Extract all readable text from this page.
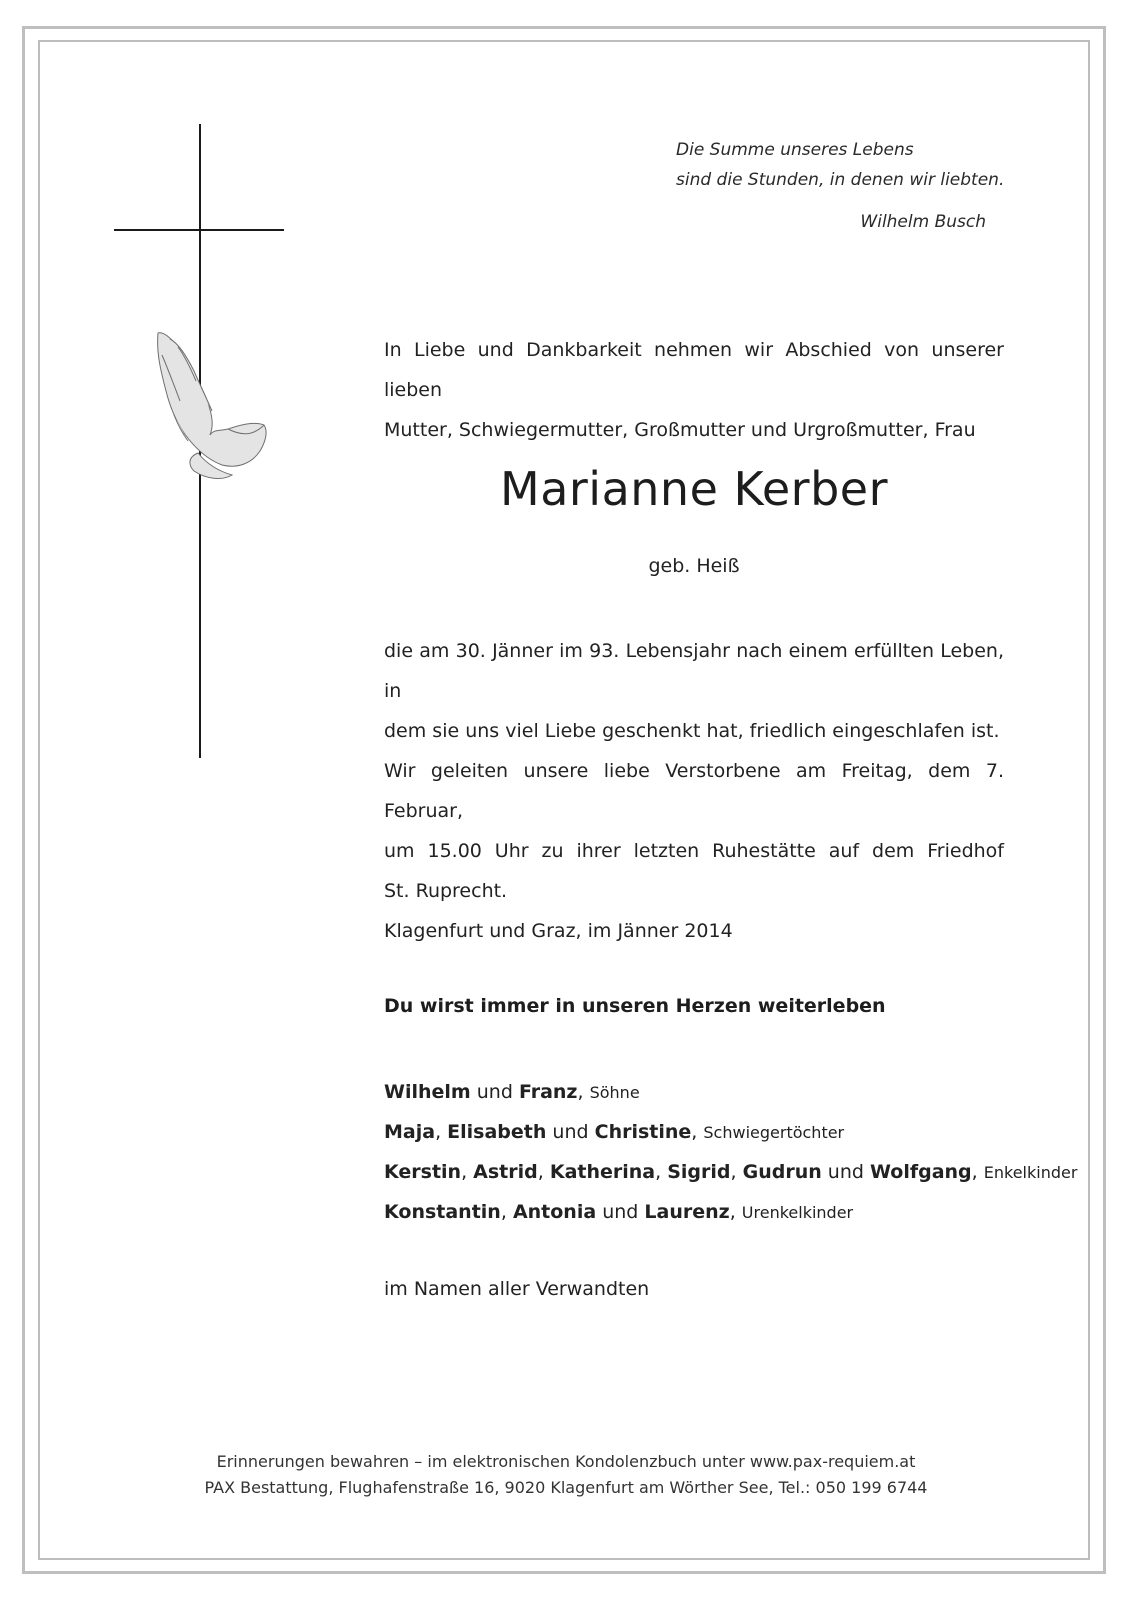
Die Summe unseres Lebens
sind die Stunden, in denen wir liebten.
Wilhelm Busch
In Liebe und Dankbarkeit nehmen wir Abschied von unserer lieben
Mutter, Schwiegermutter, Großmutter und Urgroßmutter, Frau
Marianne Kerber
geb. Heiß
die am 30. Jänner im 93. Lebensjahr nach einem erfüllten Leben, in
dem sie uns viel Liebe geschenkt hat, friedlich eingeschlafen ist.
Wir geleiten unsere liebe Verstorbene am Freitag, dem 7. Februar,
um 15.00 Uhr zu ihrer letzten Ruhestätte auf dem Friedhof
St. Ruprecht.
Klagenfurt und Graz, im Jänner 2014
Du wirst immer in unseren Herzen weiterleben
Wilhelm und Franz, Söhne
Maja, Elisabeth und Christine, Schwiegertöchter
Kerstin, Astrid, Katherina, Sigrid, Gudrun und Wolfgang, Enkelkinder
Konstantin, Antonia und Laurenz, Urenkelkinder
im Namen aller Verwandten
Erinnerungen bewahren – im elektronischen Kondolenzbuch unter www.pax-requiem.at
PAX Bestattung, Flughafenstraße 16, 9020 Klagenfurt am Wörther See, Tel.: 050 199 6744
